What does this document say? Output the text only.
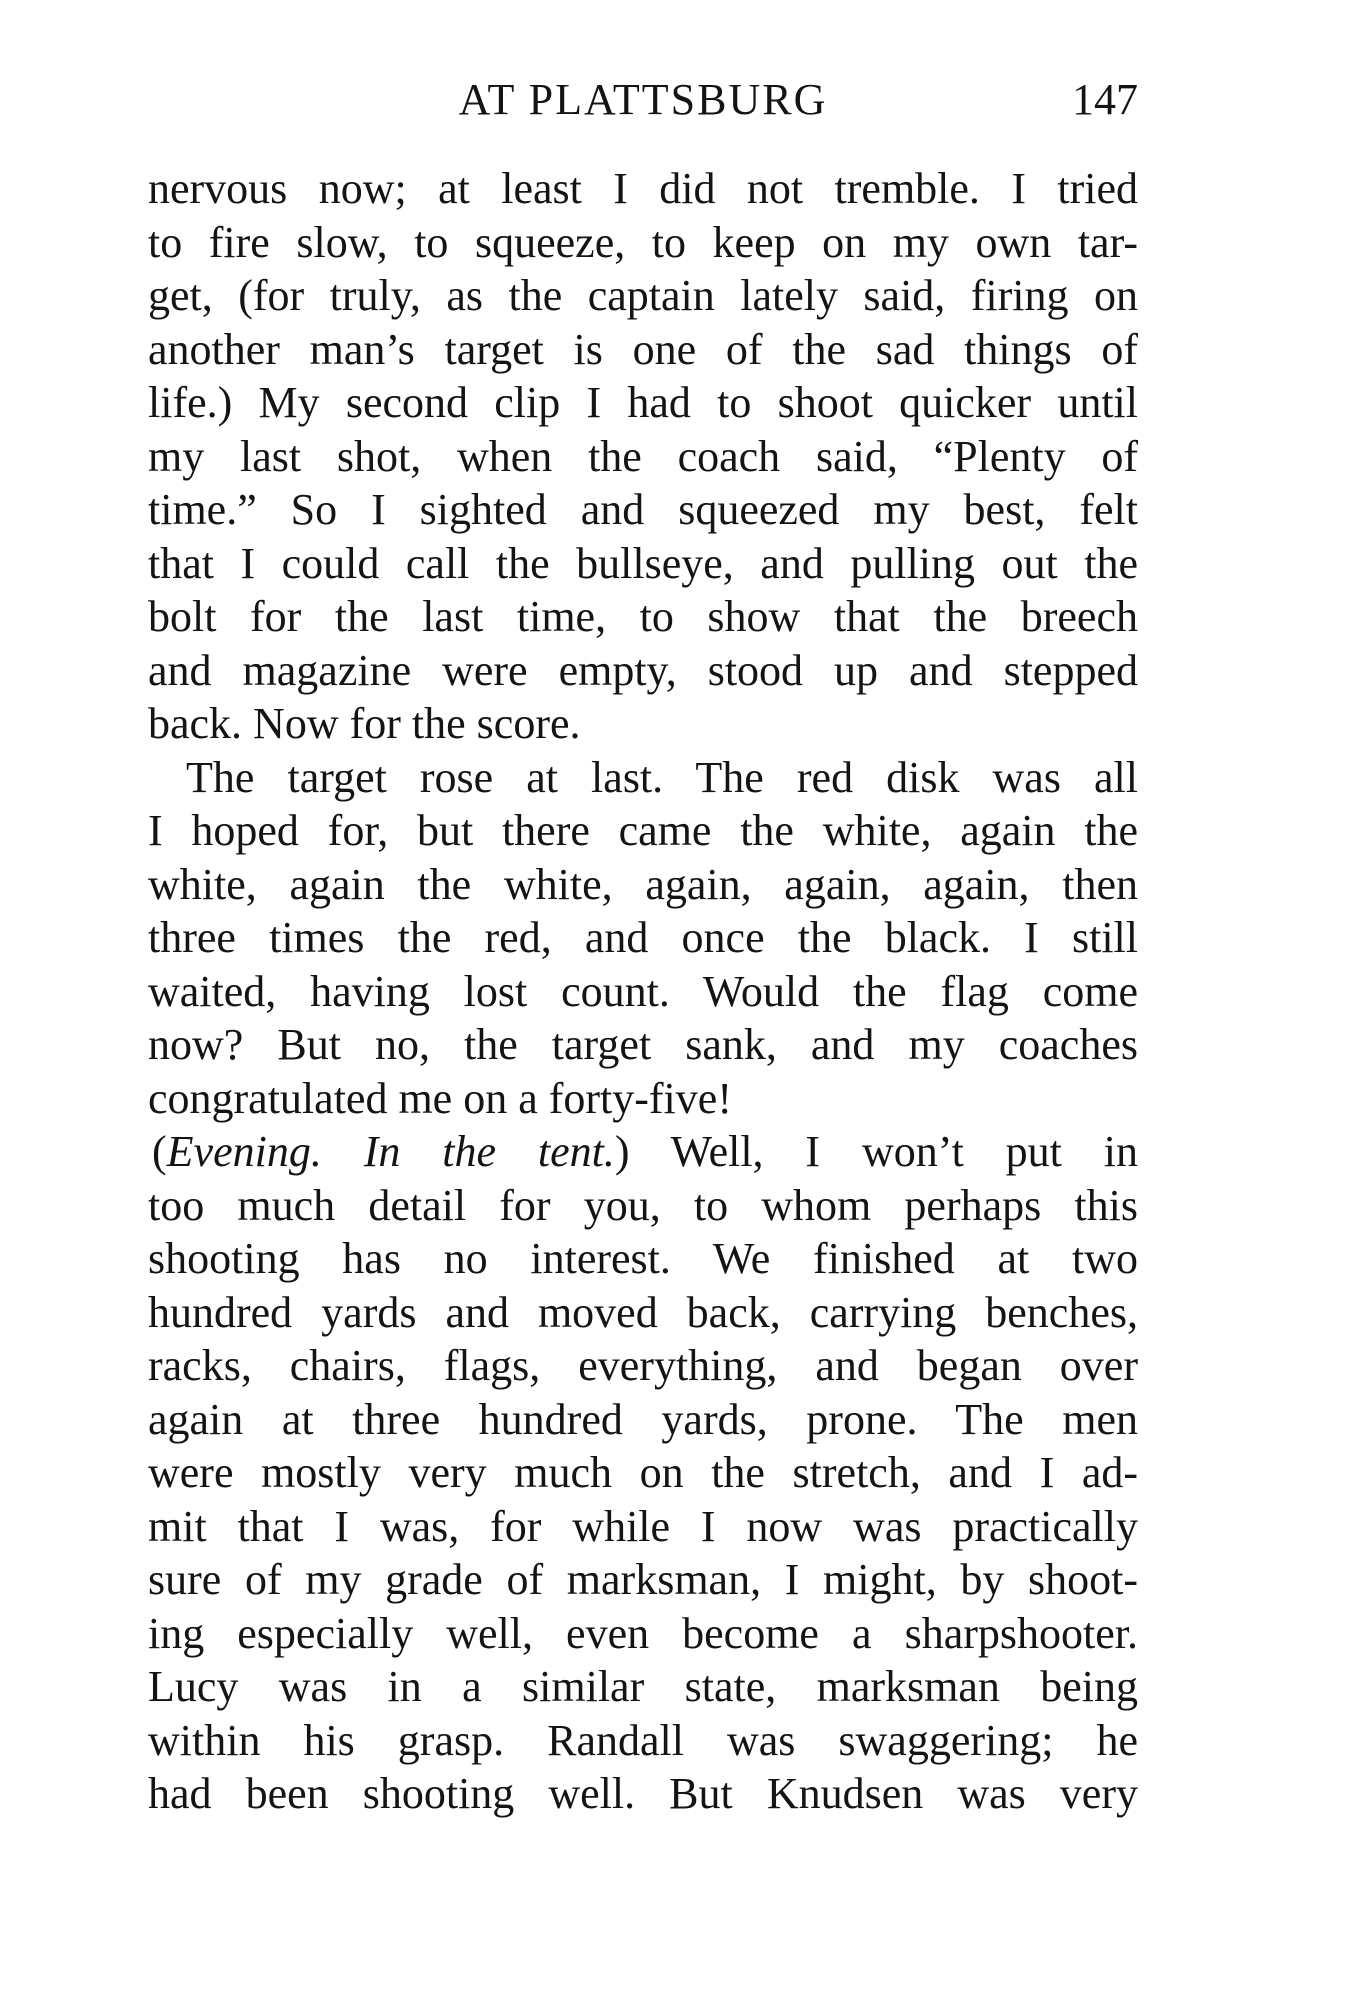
AT PLATTSBURG	147
nervous now; at least I did not tremble. I tried
to fire slow, to squeeze, to keep on my own tar-
get, (for truly, as the captain lately said, firing on
another man’s target is one of the sad things of
life.) My second clip I had to shoot quicker until
my last shot, when the coach said, “Plenty of
time.” So I sighted and squeezed my best, felt
that I could call the bullseye, and pulling out the
bolt for the last time, to show that the breech
and magazine were empty, stood up and stepped
back. Now for the score.
The target rose at last. The red disk was all
I hoped for, but there came the white, again the
white, again the white, again, again, again, then
three times the red, and once the black. I still
waited, having lost count. Would the flag come
now? But no, the target sank, and my coaches
congratulated me on a forty-five!
(Evening. In the tent.) Well, I won’t put in
too much detail for you, to whom perhaps this
shooting has no interest. We finished at two
hundred yards and moved back, carrying benches,
racks, chairs, flags, everything, and began over
again at three hundred yards, prone. The men
were mostly very much on the stretch, and I ad-
mit that I was, for while I now was practically
sure of my grade of marksman, I might, by shoot-
ing especially well, even become a sharpshooter.
Lucy was in a similar state, marksman being
within his grasp. Randall was swaggering; he
had been shooting well. But Knudsen was very
